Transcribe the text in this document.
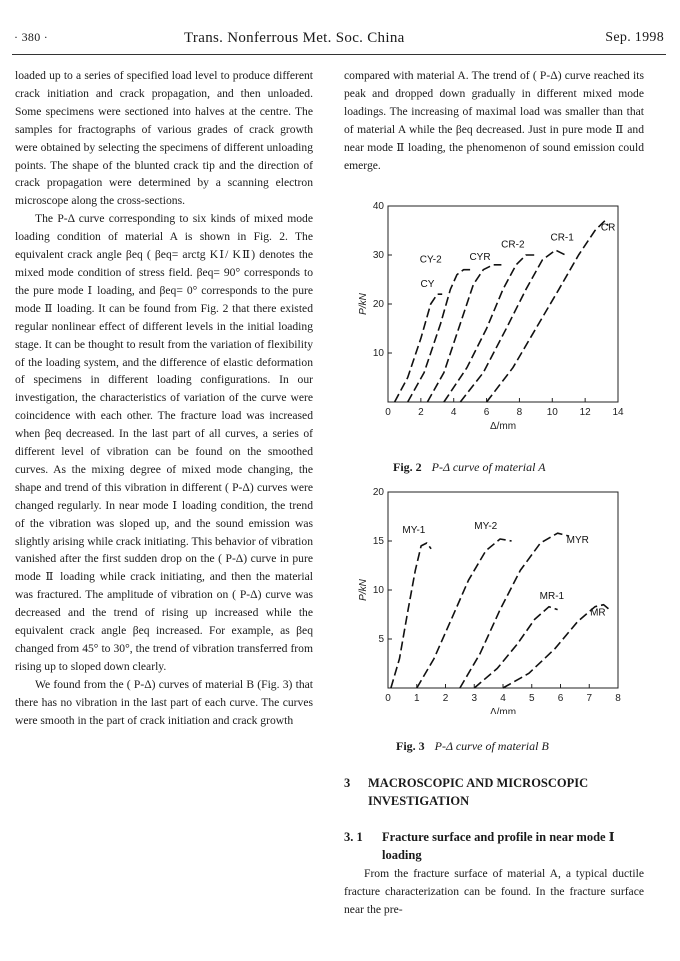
· 380 ·	Trans. Nonferrous Met. Soc. China	Sep. 1998

loaded up to a series of specified load level to produce different crack initiation and crack propagation, and then unloaded. Some specimens were sectioned into halves at the centre. The samples for fractographs of various grades of crack growth were obtained by selecting the specimens of different unloading points. The shape of the blunted crack tip and the direction of crack propagation were determined by a scanning electron microscope along the cross-sections.

The P-Δ curve corresponding to six kinds of mixed mode loading condition of material A is shown in Fig. 2. The equivalent crack angle βeq ( βeq= arctg KⅠ/ KⅡ) denotes the mixed mode condition of stress field. βeq= 90° corresponds to the pure mode Ⅰ loading, and βeq= 0° corresponds to the pure mode Ⅱ loading. It can be found from Fig. 2 that there existed regular nonlinear effect of different levels in the initial loading stage. It can be thought to result from the variation of flexibility of the loading system, and the difference of elastic deformation of specimens in different loading configurations. In our investigation, the characteristics of variation of the curve were coincidence with each other. The fracture load was increased when βeq decreased. In the last part of all curves, a series of different level of vibration can be found on the smoothed curves. As the mixing degree of mixed mode changing, the shape and trend of this vibration in different ( P-Δ) curves were changed regularly. In near mode Ⅰ loading condition, the trend of the vibration was sloped up, and the sound emission was slightly arising while crack initiating. This behavior of vibration vanished after the first sudden drop on the ( P-Δ) curve in pure mode Ⅱ loading while crack initiating, and then the material was fractured. The amplitude of vibration on ( P-Δ) curve was decreased and the trend of rising up increased while the equivalent crack angle βeq increased. For example, as βeq changed from 45° to 30°, the trend of vibration transferred from rising up to sloped down clearly.

We found from the ( P-Δ) curves of material B (Fig. 3) that there has no vibration in the last part of each curve. The curves were smooth in the part of crack initiation and crack growth

compared with material A. The trend of ( P-Δ) curve reached its peak and dropped down gradually in different mixed mode loadings. The increasing of maximal load was smaller than that of material A while the βeq decreased. Just in pure mode Ⅱ and near mode Ⅱ loading, the phenomenon of sound emission could emerge.

0	2	4	6	8 10 12 14
10
20
30
40
P/kN
Δ/mm
CY
CY-2	CYR
CR-2
CR-1
CR
Fig. 2 P-Δ curve of material A
0 1 2 3 4 5 6 7 8
5
10
15
20
P/kN
Δ/mm
MY-1	MY-2
MYR
MR-1
MR
Fig. 3 P-Δ curve of material B
3 MACROSCOPIC AND MICROSCOPIC INVESTIGATION
3. 1 Fracture surface and profile in near mode Ⅰ loading

From the fracture surface of material A, a typical ductile fracture characterization can be found. In the fracture surface near the pre-
